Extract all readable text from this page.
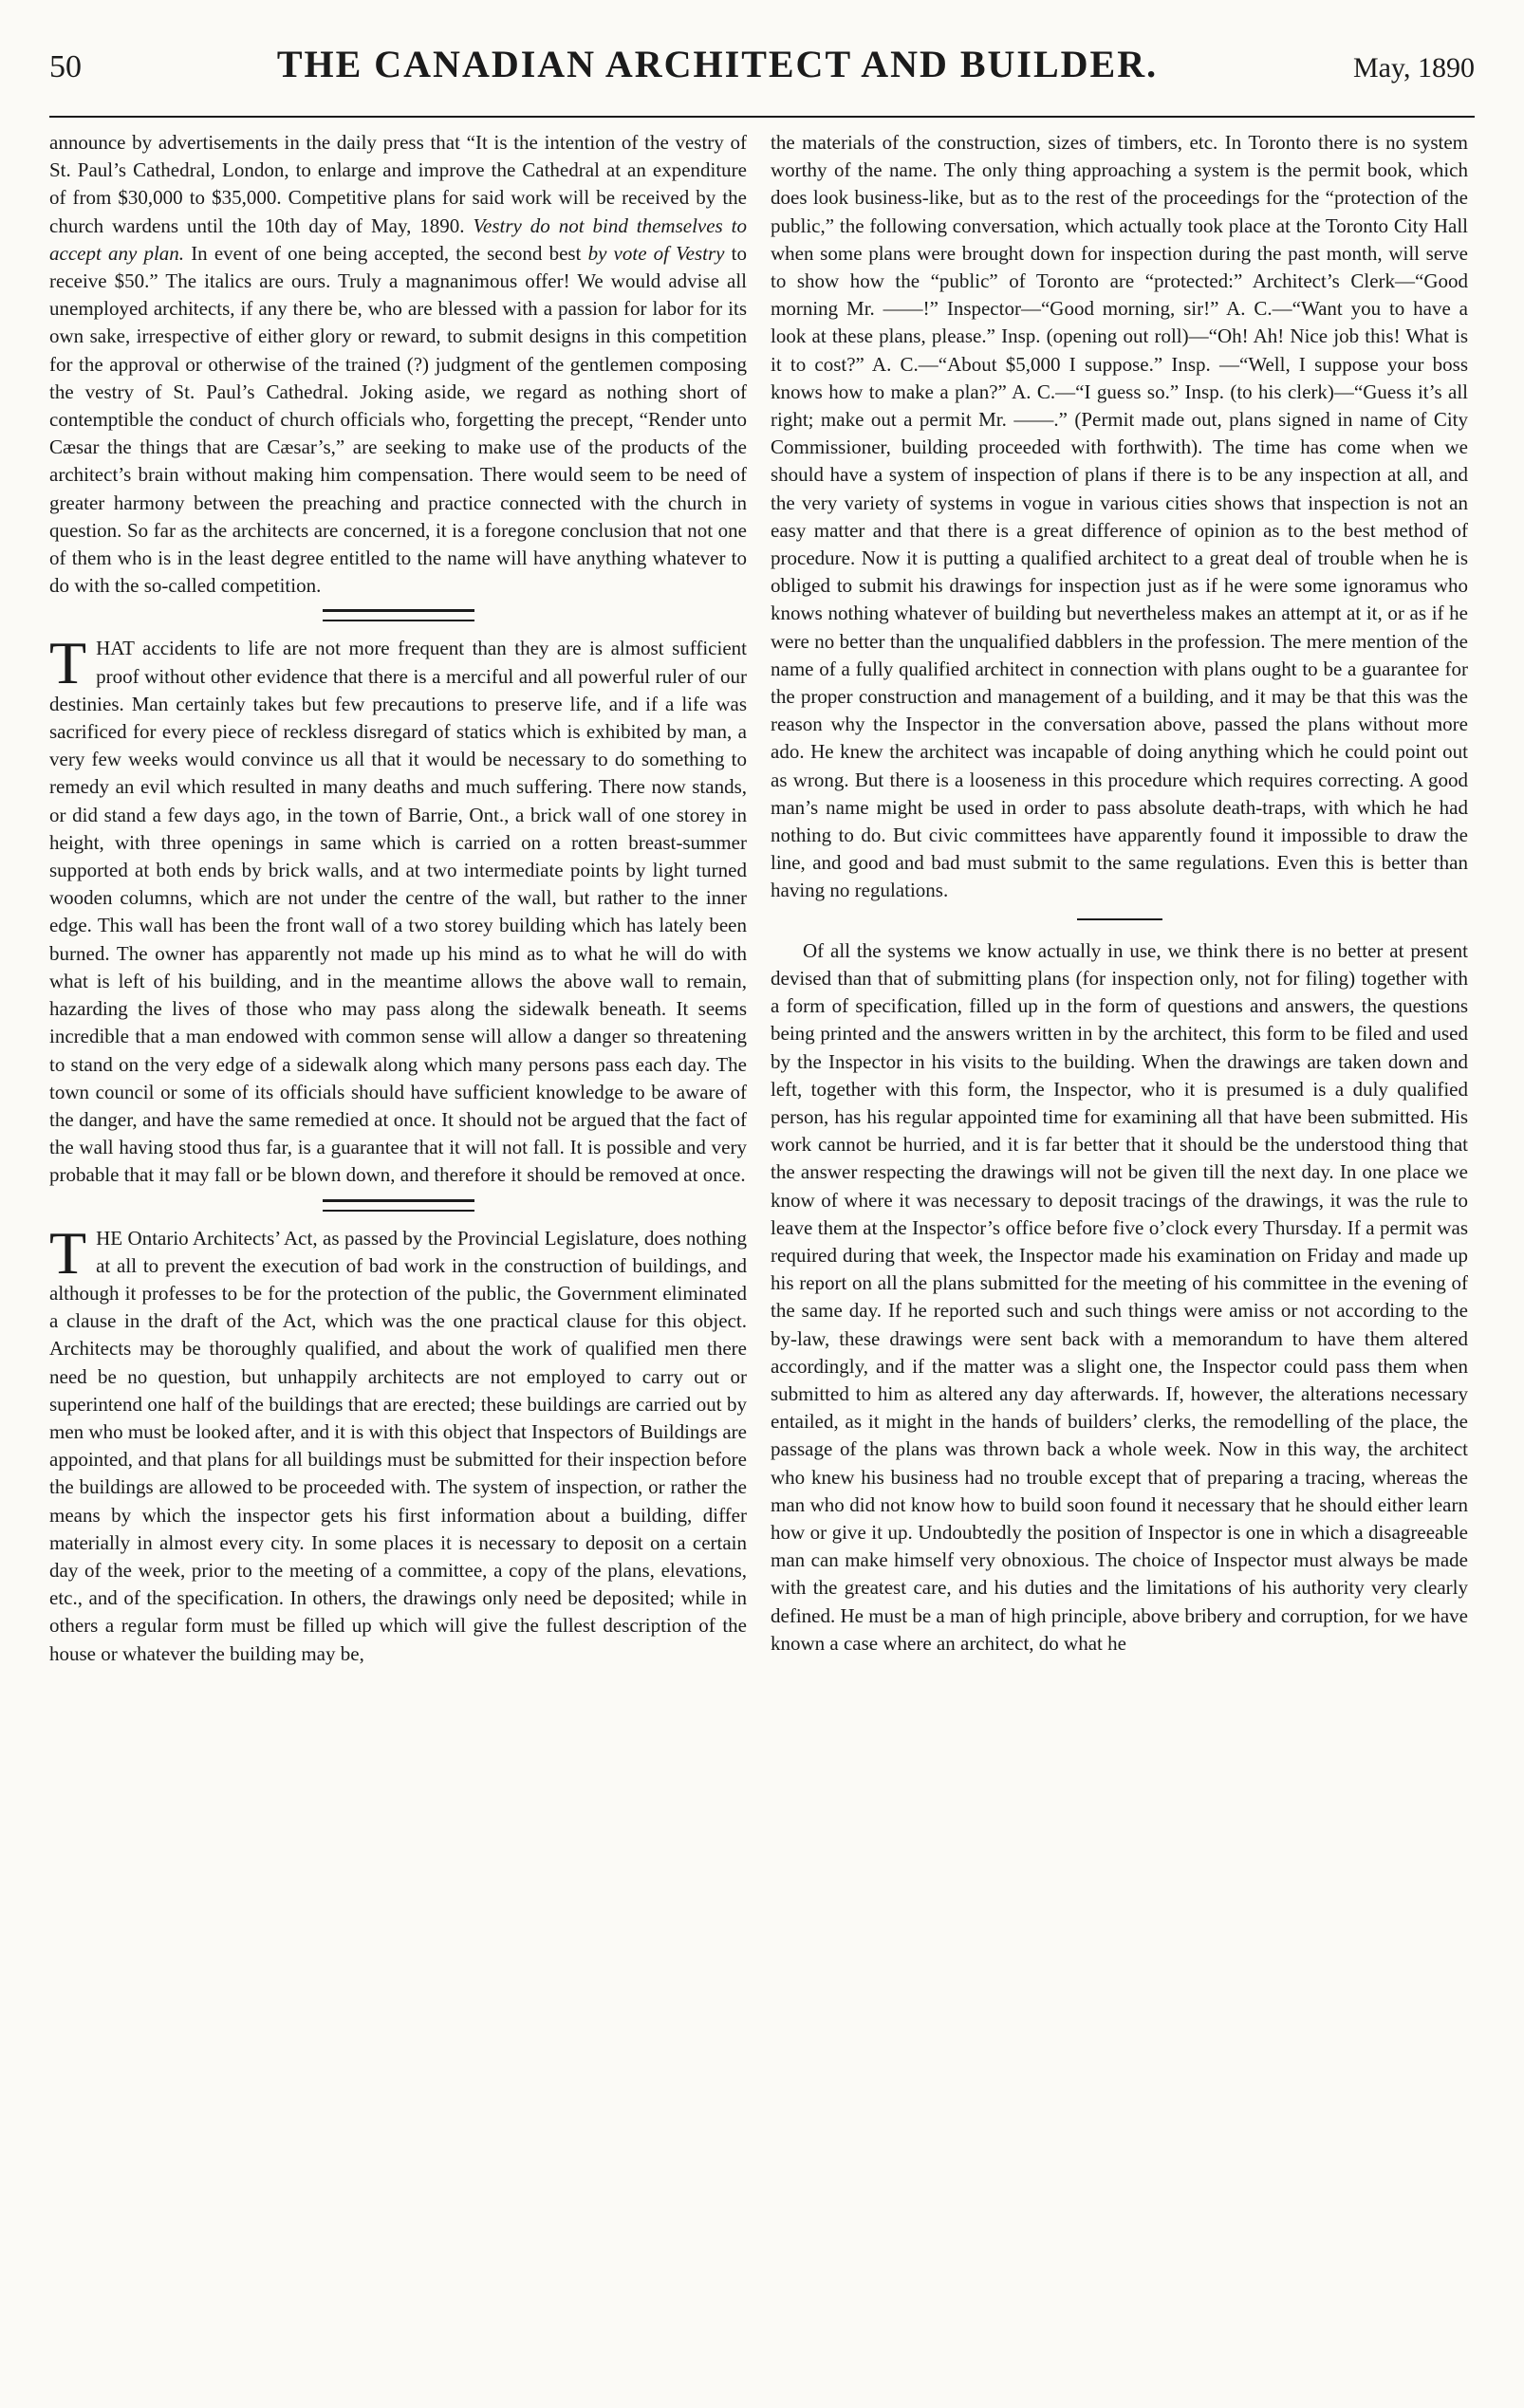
50	THE CANADIAN ARCHITECT AND BUILDER.	May, 1890

announce by advertisements in the daily press that “It is the intention of the vestry of St. Paul’s Cathedral, London, to enlarge and improve the Cathedral at an expenditure of from $30,000 to $35,000. Competitive plans for said work will be received by the church wardens until the 10th day of May, 1890. Vestry do not bind themselves to accept any plan. In event of one being accepted, the second best by vote of Vestry to receive $50.” The italics are ours. Truly a magnanimous offer! We would advise all unemployed architects, if any there be, who are blessed with a passion for labor for its own sake, irrespective of either glory or reward, to submit designs in this competition for the approval or otherwise of the trained (?) judgment of the gentlemen composing the vestry of St. Paul’s Cathedral. Joking aside, we regard as nothing short of contemptible the conduct of church officials who, forgetting the precept, “Render unto Cæsar the things that are Cæsar’s,” are seeking to make use of the products of the architect’s brain without making him compensation. There would seem to be need of greater harmony between the preaching and practice connected with the church in question. So far as the architects are concerned, it is a foregone conclusion that not one of them who is in the least degree entitled to the name will have anything whatever to do with the so-called competition.

THAT accidents to life are not more frequent than they are is almost sufficient proof without other evidence that there is a merciful and all powerful ruler of our destinies. Man certainly takes but few precautions to preserve life, and if a life was sacrificed for every piece of reckless disregard of statics which is exhibited by man, a very few weeks would convince us all that it would be necessary to do something to remedy an evil which resulted in many deaths and much suffering. There now stands, or did stand a few days ago, in the town of Barrie, Ont., a brick wall of one storey in height, with three openings in same which is carried on a rotten breast-summer supported at both ends by brick walls, and at two intermediate points by light turned wooden columns, which are not under the centre of the wall, but rather to the inner edge. This wall has been the front wall of a two storey building which has lately been burned. The owner has apparently not made up his mind as to what he will do with what is left of his building, and in the meantime allows the above wall to remain, hazarding the lives of those who may pass along the sidewalk beneath. It seems incredible that a man endowed with common sense will allow a danger so threatening to stand on the very edge of a sidewalk along which many persons pass each day. The town council or some of its officials should have sufficient knowledge to be aware of the danger, and have the same remedied at once. It should not be argued that the fact of the wall having stood thus far, is a guarantee that it will not fall. It is possible and very probable that it may fall or be blown down, and therefore it should be removed at once.

THE Ontario Architects’ Act, as passed by the Provincial Legislature, does nothing at all to prevent the execution of bad work in the construction of buildings, and although it professes to be for the protection of the public, the Government eliminated a clause in the draft of the Act, which was the one practical clause for this object. Architects may be thoroughly qualified, and about the work of qualified men there need be no question, but unhappily architects are not employed to carry out or superintend one half of the buildings that are erected; these buildings are carried out by men who must be looked after, and it is with this object that Inspectors of Buildings are appointed, and that plans for all buildings must be submitted for their inspection before the buildings are allowed to be proceeded with. The system of inspection, or rather the means by which the inspector gets his first information about a building, differ materially in almost every city. In some places it is necessary to deposit on a certain day of the week, prior to the meeting of a committee, a copy of the plans, elevations, etc., and of the specification. In others, the drawings only need be deposited; while in others a regular form must be filled up which will give the fullest description of the house or whatever the building may be,

the materials of the construction, sizes of timbers, etc. In Toronto there is no system worthy of the name. The only thing approaching a system is the permit book, which does look business-like, but as to the rest of the proceedings for the “protection of the public,” the following conversation, which actually took place at the Toronto City Hall when some plans were brought down for inspection during the past month, will serve to show how the “public” of Toronto are “protected:” Architect’s Clerk—“Good morning Mr. ——!” Inspector—“Good morning, sir!” A. C.—“Want you to have a look at these plans, please.” Insp. (opening out roll)—“Oh! Ah! Nice job this! What is it to cost?” A. C.—“About $5,000 I suppose.” Insp. —“Well, I suppose your boss knows how to make a plan?” A. C.—“I guess so.” Insp. (to his clerk)—“Guess it’s all right; make out a permit Mr. ——.” (Permit made out, plans signed in name of City Commissioner, building proceeded with forthwith). The time has come when we should have a system of inspection of plans if there is to be any inspection at all, and the very variety of systems in vogue in various cities shows that inspection is not an easy matter and that there is a great difference of opinion as to the best method of procedure. Now it is putting a qualified architect to a great deal of trouble when he is obliged to submit his drawings for inspection just as if he were some ignoramus who knows nothing whatever of building but nevertheless makes an attempt at it, or as if he were no better than the unqualified dabblers in the profession. The mere mention of the name of a fully qualified architect in connection with plans ought to be a guarantee for the proper construction and management of a building, and it may be that this was the reason why the Inspector in the conversation above, passed the plans without more ado. He knew the architect was incapable of doing anything which he could point out as wrong. But there is a looseness in this procedure which requires correcting. A good man’s name might be used in order to pass absolute death-traps, with which he had nothing to do. But civic committees have apparently found it impossible to draw the line, and good and bad must submit to the same regulations. Even this is better than having no regulations.

Of all the systems we know actually in use, we think there is no better at present devised than that of submitting plans (for inspection only, not for filing) together with a form of specification, filled up in the form of questions and answers, the questions being printed and the answers written in by the architect, this form to be filed and used by the Inspector in his visits to the building. When the drawings are taken down and left, together with this form, the Inspector, who it is presumed is a duly qualified person, has his regular appointed time for examining all that have been submitted. His work cannot be hurried, and it is far better that it should be the understood thing that the answer respecting the drawings will not be given till the next day. In one place we know of where it was necessary to deposit tracings of the drawings, it was the rule to leave them at the Inspector’s office before five o’clock every Thursday. If a permit was required during that week, the Inspector made his examination on Friday and made up his report on all the plans submitted for the meeting of his committee in the evening of the same day. If he reported such and such things were amiss or not according to the by-law, these drawings were sent back with a memorandum to have them altered accordingly, and if the matter was a slight one, the Inspector could pass them when submitted to him as altered any day afterwards. If, however, the alterations necessary entailed, as it might in the hands of builders’ clerks, the remodelling of the place, the passage of the plans was thrown back a whole week. Now in this way, the architect who knew his business had no trouble except that of preparing a tracing, whereas the man who did not know how to build soon found it necessary that he should either learn how or give it up. Undoubtedly the position of Inspector is one in which a disagreeable man can make himself very obnoxious. The choice of Inspector must always be made with the greatest care, and his duties and the limitations of his authority very clearly defined. He must be a man of high principle, above bribery and corruption, for we have known a case where an architect, do what he
